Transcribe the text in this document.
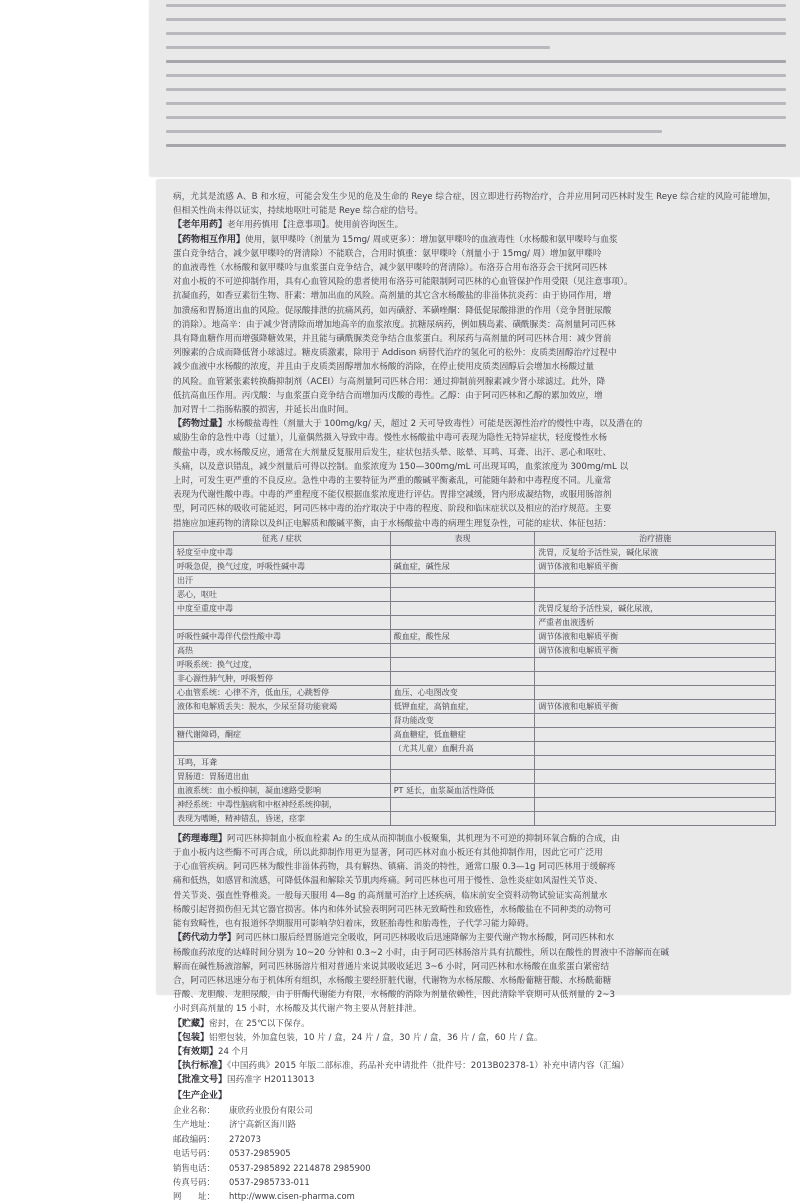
病，尤其是流感 A、B 和水痘，可能会发生少见的危及生命的 Reye 综合症，因立即进行药物治疗，合并应用阿司匹林时发生 Reye 综合症的风险可能增加，但相关性尚未得以证实，持续地呕吐可能是 Reye 综合症的信号。

【老年用药】老年用药慎用【注意事项】。使用前咨询医生。
【药物相互作用】使用，氨甲喋呤（剂量为 15mg/ 周或更多）：增加氨甲喋呤的血液毒性（水杨酸和氨甲喋呤与血浆
蛋白竞争结合，减少氨甲喋呤的肾清除）不能联合，合用时慎重：氨甲喋呤（剂量小于 15mg/ 周）增加氨甲喋呤
的血液毒性（水杨酸和氨甲喋呤与血浆蛋白竞争结合，减少氨甲喋呤的肾清除）。布洛芬合用布洛芬会干扰阿司匹林
对血小板的不可逆抑制作用，具有心血管风险的患者使用布洛芬可能限制阿司匹林的心血管保护作用受限（见注意事项）。
抗凝血药，如香豆素衍生物、肝素：增加出血的风险。高剂量的其它含水杨酸盐的非甾体抗炎药：由于协同作用，增
加溃疡和胃肠道出血的风险。促尿酸排泄的抗痛风药，如丙磺舒、苯磺唑酮：降低促尿酸排泄的作用（竞争肾脏尿酸
的消除）。地高辛：由于减少肾清除而增加地高辛的血浆浓度。抗糖尿病药，例如胰岛素、磺酰脲类：高剂量阿司匹林
具有降血糖作用而增强降糖效果，并且能与磺酰脲类竞争结合血浆蛋白。利尿药与高剂量的阿司匹林合用：减少肾前
列腺素的合成而降低肾小球滤过。糖皮质激素，除用于 Addison 病替代治疗的氢化可的松外：皮质类固醇治疗过程中
减少血液中水杨酸的浓度，并且由于皮质类固醇增加水杨酸的消除，在停止使用皮质类固醇后会增加水杨酸过量
的风险。血管紧张素转换酶抑制剂（ACEI）与高剂量阿司匹林合用：通过抑制前列腺素减少肾小球滤过。此外，降
低抗高血压作用。丙戊酸：与血浆蛋白竞争结合而增加丙戊酸的毒性。乙醇：由于阿司匹林和乙醇的累加效应，增
加对胃十二指肠粘膜的损害，并延长出血时间。
【药物过量】水杨酸盐毒性（剂量大于 100mg/kg/ 天，超过 2 天可导致毒性）可能是医源性治疗的慢性中毒，以及潜在的
威胁生命的急性中毒（过量），儿童偶然摄入导致中毒。慢性水杨酸盐中毒可表现为隐性无特异症状，轻度慢性水杨
酸盐中毒，或水杨酸反应，通常在大剂量反复服用后发生，症状包括头晕、眩晕、耳鸣、耳聋、出汗、恶心和呕吐、
头痛，以及意识错乱，减少剂量后可得以控制。血浆浓度为 150—300mg/mL 可出现耳鸣，血浆浓度为 300mg/mL 以
上时，可发生更严重的不良反应。急性中毒的主要特征为严重的酸碱平衡紊乱，可能随年龄和中毒程度不同。儿童常
表现为代谢性酸中毒。中毒的严重程度不能仅根据血浆浓度进行评估。胃排空减缓，肾内形成凝结物，或服用肠溶剂
型，阿司匹林的吸收可能延迟，阿司匹林中毒的治疗取决于中毒的程度、阶段和临床症状以及相应的治疗规范。主要
措施应加速药物的清除以及纠正电解质和酸碱平衡，由于水杨酸盐中毒的病理生理复杂性，可能的症状、体征包括：
征兆 / 症状	表现	治疗措施
轻度至中度中毒		洗胃，反复给予活性炭，碱化尿液
呼吸急促，换气过度，呼吸性碱中毒	碱血症，碱性尿	调节体液和电解质平衡
出汗		
恶心，呕吐		
中度至重度中毒		洗胃反复给予活性炭，碱化尿液，
		严重者血液透析
呼吸性碱中毒伴代偿性酸中毒	酸血症，酸性尿	调节体液和电解质平衡
高热		调节体液和电解质平衡
呼吸系统：换气过度，		
非心源性肺气肿，呼吸暂停		
心血管系统：心律不齐，低血压，心跳暂停	血压、心电图改变	
液体和电解质丢失：脱水，少尿至肾功能衰竭	低钾血症，高钠血症，	调节体液和电解质平衡
	肾功能改变	
糖代谢障碍，酮症	高血糖症，低血糖症	
	（尤其儿童）血酮升高	
耳鸣，耳聋		
胃肠道：胃肠道出血		
血液系统：血小板抑制，凝血速路受影响	PT 延长，血浆凝血活性降低	
神经系统：中毒性脑病和中枢神经系统抑制，		
表现为嗜睡，精神错乱，昏迷，痉挛		
【药理毒理】阿司匹林抑制血小板血栓素 A₂ 的生成从而抑制血小板聚集，其机理为不可逆的抑制环氧合酶的合成，由
于血小板内这些酶不可再合成，所以此抑制作用更为显著，阿司匹林对血小板还有其他抑制作用，因此它可广泛用
于心血管疾病。阿司匹林为酸性非甾体药物，具有解热、镇痛、消炎的特性，通常口服 0.3—1g 阿司匹林用于缓解疼
痛和低热，如感冒和流感，可降低体温和解除关节肌肉疼痛。阿司匹林也可用于慢性、急性炎症如风湿性关节炎、
骨关节炎、强直性脊椎炎。一般每天服用 4—8g 的高剂量可治疗上述疾病，临床前安全资料动物试验证实高剂量水
杨酸引起肾损伤但无其它器官损害。体内和体外试验表明阿司匹林无致畸性和致癌性，水杨酸盐在不同种类的动物可
能有致畸性，也有报道怀孕期服用可影响孕妇着床，致胚胎毒性和胎毒性，子代学习能力障碍。
【药代动力学】阿司匹林口服后经胃肠道完全吸收，阿司匹林吸收后迅速降解为主要代谢产物水杨酸，阿司匹林和水
杨酸血药浓度的达峰时间分别为 10~20 分钟和 0.3~2 小时，由于阿司匹林肠溶片具有抗酸性，所以在酸性的胃液中不溶解而在碱
解而在碱性肠液溶解，阿司匹林肠溶片相对普通片来说其吸收延迟 3~6 小时，阿司匹林和水杨酸在血浆蛋白紧密结
合，阿司匹林迅速分布于机体所有组织，水杨酸主要经肝脏代谢，代谢物为水杨尿酸、水杨酚葡糖苷酸、水杨酰葡糖
苷酸、龙胆酸、龙胆尿酸，由于肝酶代谢能力有限，水杨酸的消除为剂量依赖性，因此清除半衰期可从低剂量的 2~3
小时到高剂量的 15 小时，水杨酸及其代谢产物主要从肾脏排泄。
【贮藏】密封，在 25℃以下保存。
【包装】铝塑包装，外加盒包装，10 片 / 盒，24 片 / 盒，30 片 / 盒，36 片 / 盒，60 片 / 盒。
【有效期】24 个月
【执行标准】《中国药典》2015 年版二部标准，药品补充申请批件（批件号：2013B02378-1）补充申请内容（汇编）
【批准文号】国药准字 H20113013
【生产企业】
企业名称： 康欣药业股份有限公司
生产地址： 济宁高新区海川路
邮政编码： 272073
电话号码： 0537-2985905
销售电话： 0537-2985892 2214878 2985900
传真号码： 0537-2985733-011
网　　址： http://www.cisen-pharma.com
